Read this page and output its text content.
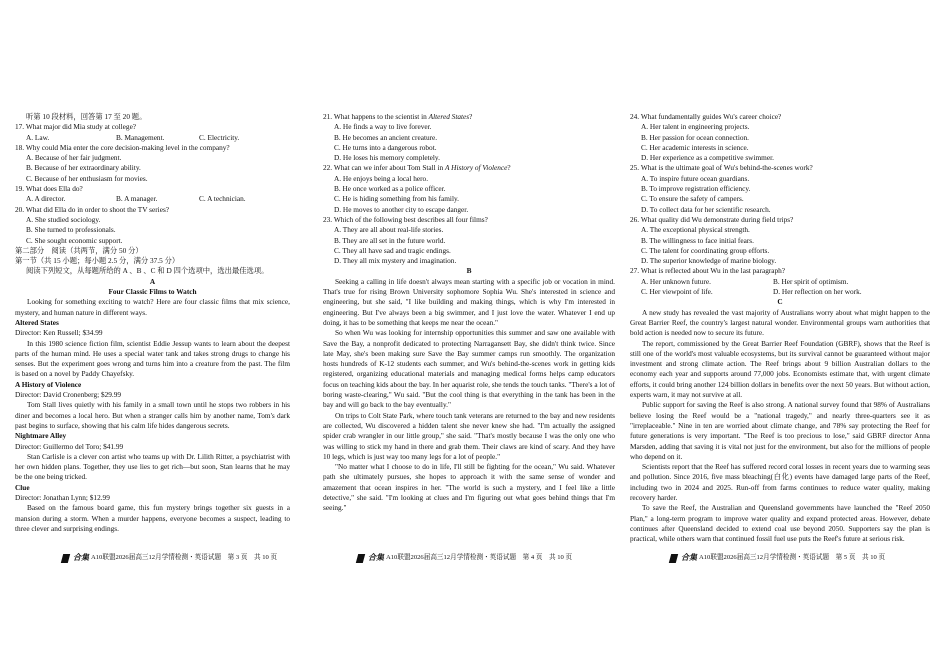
听第 10 段材料，回答第 17 至 20 题。

17. What major did Mia study at college?

A. Law.	B. Management.	C. Electricity.

18. Why could Mia enter the core decision-making level in the company?

A. Because of her fair judgment.

B. Because of her extraordinary ability.

C. Because of her enthusiasm for movies.

19. What does Ella do?

A. A director.	B. A manager.	C. A technician.

20. What did Ella do in order to shoot the TV series?

A. She studied sociology.

B. She turned to professionals.

C. She sought economic support.

第二部分　阅读（共两节，满分 50 分）

第一节（共 15 小题；每小题 2.5 分，满分 37.5 分）

阅读下列短文，从每题所给的 A 、B 、C 和 D 四个选项中，选出最佳选项。

A

Four Classic Films to Watch

Looking for something exciting to watch? Here are four classic films that mix science, mystery, and human nature in different ways.

Altered States

Director: Ken Russell; $34.99

In this 1980 science fiction film, scientist Eddie Jessup wants to learn about the deepest parts of the human mind. He uses a special water tank and takes strong drugs to change his senses. But the experiment goes wrong and turns him into a creature from the past. The film is based on a novel by Paddy Chayefsky.

A History of Violence

Director: David Cronenberg; $29.99

Tom Stall lives quietly with his family in a small town until he stops two robbers in his diner and becomes a local hero. But when a stranger calls him by another name, Tom's dark past begins to surface, showing that his calm life hides dangerous secrets.

Nightmare Alley

Director: Guillermo del Toro; $41.99

Stan Carlisle is a clever con artist who teams up with Dr. Lilith Ritter, a psychiatrist with her own hidden plans. Together, they use lies to get rich—but soon, Stan learns that he may be the one being tricked.

Clue

Director: Jonathan Lynn; $12.99

Based on the famous board game, this fun mystery brings together six guests in a mansion during a storm. When a murder happens, everyone becomes a suspect, leading to three clever and surprising endings.

21. What happens to the scientist in Altered States?

A. He finds a way to live forever.

B. He becomes an ancient creature.

C. He turns into a dangerous robot.

D. He loses his memory completely.

22. What can we infer about Tom Stall in A History of Violence?

A. He enjoys being a local hero.

B. He once worked as a police officer.

C. He is hiding something from his family.

D. He moves to another city to escape danger.

23. Which of the following best describes all four films?

A. They are all about real-life stories.

B. They are all set in the future world.

C. They all have sad and tragic endings.

D. They all mix mystery and imagination.

B

Seeking a calling in life doesn't always mean starting with a specific job or vocation in mind. That's true for rising Brown University sophomore Sophia Wu. She's interested in science and engineering, but she said, "I like building and making things, which is why I'm interested in engineering. But I've always been a big swimmer, and I just love the water. Whatever I end up doing, it has to be something that keeps me near the ocean."

So when Wu was looking for internship opportunities this summer and saw one available with Save the Bay, a nonprofit dedicated to protecting Narragansett Bay, she didn't think twice. Since late May, she's been making sure Save the Bay summer camps run smoothly. The organization hosts hundreds of K-12 students each summer, and Wu's behind-the-scenes work in getting kids registered, organizing educational materials and managing medical forms helps camp educators focus on teaching kids about the bay. In her aquarist role, she tends the touch tanks. "There's a lot of boring waste-clearing," Wu said. "But the cool thing is that everything in the tank has been in the bay and will go back to the bay eventually."

On trips to Colt State Park, where touch tank veterans are returned to the bay and new residents are collected, Wu discovered a hidden talent she never knew she had. "I'm actually the assigned spider crab wrangler in our little group," she said. "That's mostly because I was the only one who was willing to stick my hand in there and grab them. Their claws are kind of scary. And they have 10 legs, which is just way too many legs for a lot of people."

"No matter what I choose to do in life, I'll still be fighting for the ocean," Wu said. Whatever path she ultimately pursues, she hopes to approach it with the same sense of wonder and amazement that ocean inspires in her. "The world is such a mystery, and I feel like a little detective," she said. "I'm looking at clues and I'm figuring out what goes behind things that I'm seeing."

24. What fundamentally guides Wu's career choice?

A. Her talent in engineering projects.

B. Her passion for ocean connection.

C. Her academic interests in science.

D. Her experience as a competitive swimmer.

25. What is the ultimate goal of Wu's behind-the-scenes work?

A. To inspire future ocean guardians.

B. To improve registration efficiency.

C. To ensure the safety of campers.

D. To collect data for her scientific research.

26. What quality did Wu demonstrate during field trips?

A. The exceptional physical strength.

B. The willingness to face initial fears.

C. The talent for coordinating group efforts.

D. The superior knowledge of marine biology.

27. What is reflected about Wu in the last paragraph?

A. Her unknown future.	B. Her spirit of optimism.
C. Her viewpoint of life.	D. Her reflection on her work.

C

A new study has revealed the vast majority of Australians worry about what might happen to the Great Barrier Reef, the country's largest natural wonder. Environmental groups warn authorities that bold action is needed now to secure its future.

The report, commissioned by the Great Barrier Reef Foundation (GBRF), shows that the Reef is still one of the world's most valuable ecosystems, but its survival cannot be guaranteed without major investment and strong climate action. The Reef brings about 9 billion Australian dollars to the economy each year and supports around 77,000 jobs. Economists estimate that, with urgent climate efforts, it could bring another 124 billion dollars in benefits over the next 50 years. But without action, experts warn, it may not survive at all.

Public support for saving the Reef is also strong. A national survey found that 98% of Australians believe losing the Reef would be a "national tragedy," and nearly three-quarters see it as "irreplaceable." Nine in ten are worried about climate change, and 78% say protecting the Reef for future generations is very important. "The Reef is too precious to lose," said GBRF director Anna Marsden, adding that saving it is vital not just for the environment, but also for the millions of people who depend on it.

Scientists report that the Reef has suffered record coral losses in recent years due to warming seas and pollution. Since 2016, five mass bleaching(白化) events have damaged large parts of the Reef, including two in 2024 and 2025. Run-off from farms continues to reduce water quality, making recovery harder.

To save the Reef, the Australian and Queensland governments have launched the "Reef 2050 Plan," a long-term program to improve water quality and expand protected areas. However, debate continues after Queensland decided to extend coal use beyond 2050. Supporters say the plan is practical, while others warn that continued fossil fuel use puts the Reef's future at serious risk.

合集 A10联盟2026届高三12月学情检测・英语试题　第 3 页　共 10 页	合集 A10联盟2026届高三12月学情检测・英语试题　第 4 页　共 10 页	合集 A10联盟2026届高三12月学情检测・英语试题　第 5 页　共 10 页
